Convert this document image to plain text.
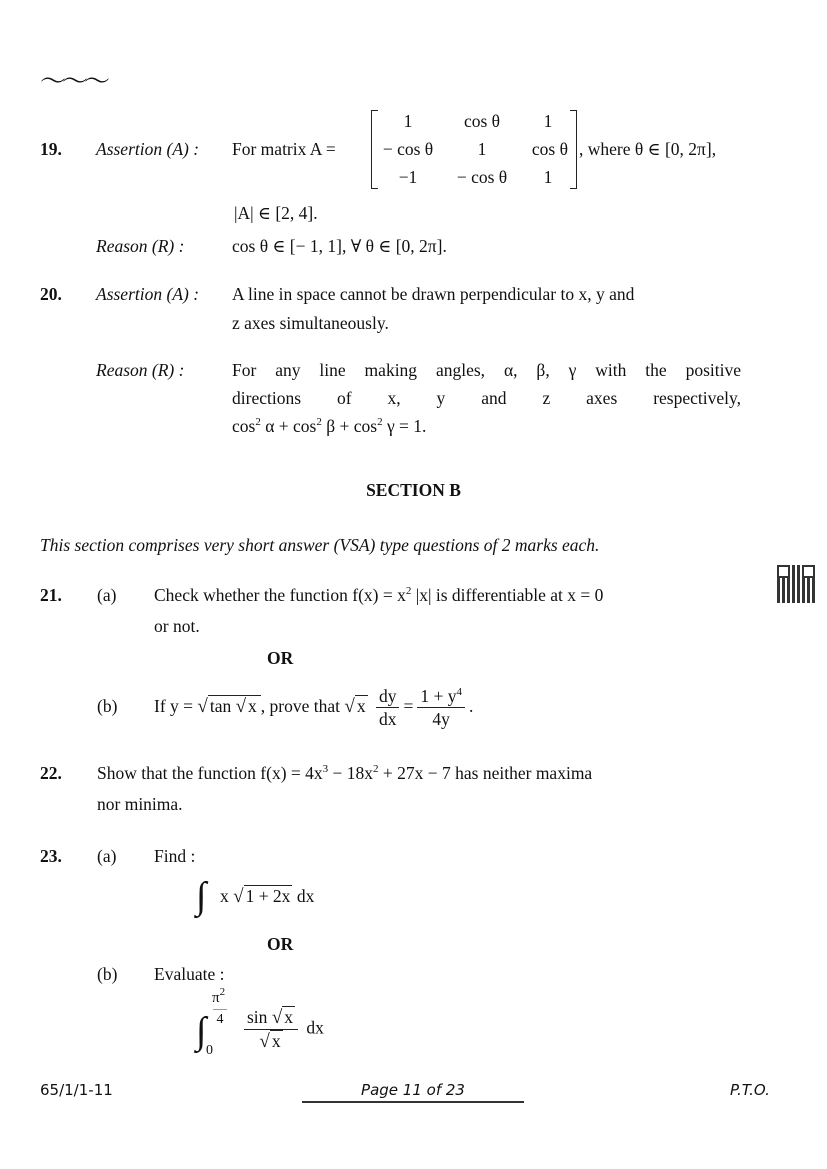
〜〜〜
19. Assertion (A) : For matrix A =
1	cos θ	1
− cos θ	1	cos θ
−1	− cos θ	1
, where θ ∈ [0, 2π],
|A| ∈ [2, 4].
Reason (R) :	cos θ ∈ [− 1, 1], ∀ θ ∈ [0, 2π].
20. Assertion (A) : A line in space cannot be drawn perpendicular to x, y and
z axes simultaneously.
Reason (R) :	For any line making angles, α, β, γ with the positive
directions of x, y and z axes respectively,
$\cos^2 \alpha + \cos^2 \beta + \cos^2 \gamma = 1$.
SECTION B
This section comprises very short answer (VSA) type questions of 2 marks each.
21. (a) Check whether the function $f(x) = x^2$ |x| is differentiable at x = 0
or not.
OR
(b) If y = √ tan √ x , prove that √ x $\frac{dy}{dx} = \frac{1 + y^4}{4y}$ .
22. Show that the function $f(x) = 4x^3 - 18x^2 + 27x - 7$ has neither maxima
nor minima.
23. (a) Find :
∫ x √ 1 + 2x dx
OR
(b) Evaluate :
∫
$\pi^2$
4
$0 \frac{\sin √ x}{√ x}$ dx
65/1/1-11	Page 11 of 23	P.T.O.
